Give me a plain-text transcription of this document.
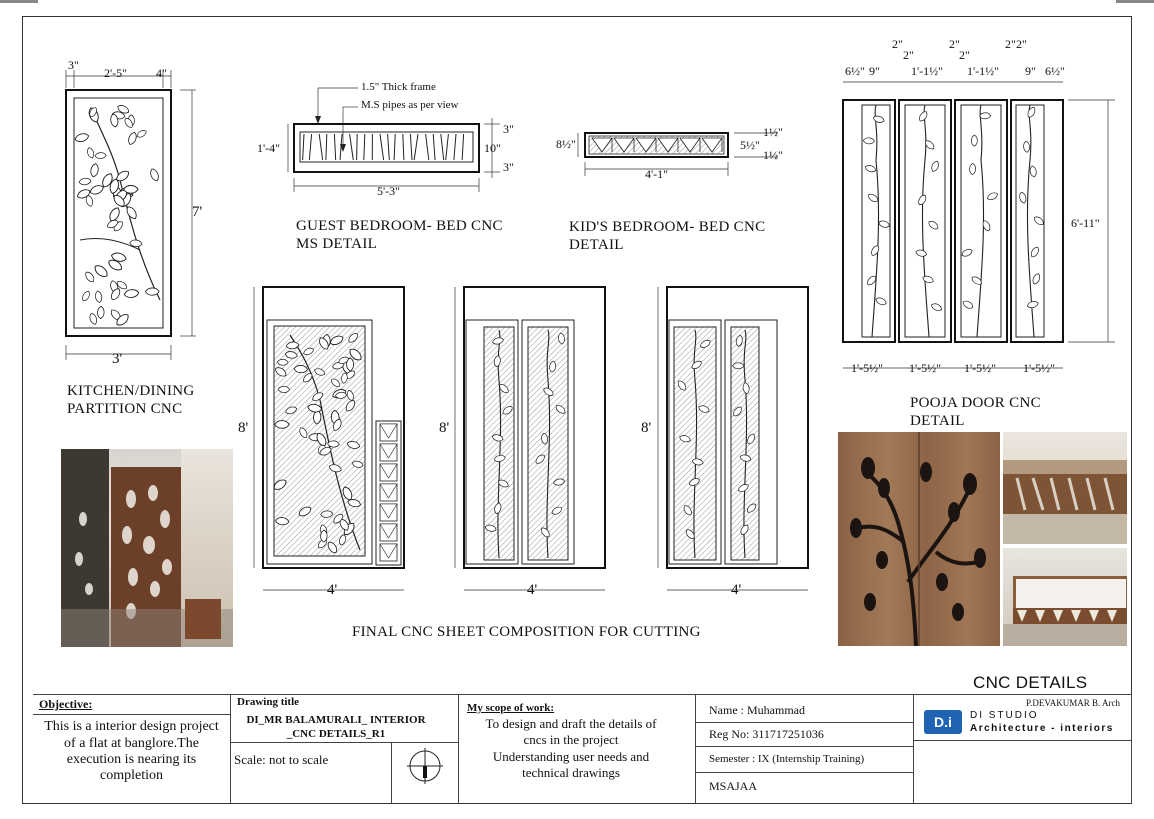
3"
2'-5" 4"
7'
3'
KITCHEN/DINING
PARTITION CNC
1.5" Thick frame
M.S pipes as per view
1'-4"
3"
10"
3"
5'-3"
GUEST BEDROOM- BED CNC
MS DETAIL
8½"	5½"
1½"
1½"
4'-1"
KID'S BEDROOM- BED CNC
DETAIL
6½" 9"
2"
2"
1'-1½"
2"
2"
1'-1½"
2" 2"
9" 6½"
6'-11"
1'-5½" 1'-5½" 1'-5½" 1'-5½"
POOJA DOOR CNC
DETAIL
8'
4'
8'
4'
8'
4'
FINAL CNC SHEET COMPOSITION FOR CUTTING
CNC DETAILS
Objective:
This is a interior design project
of a flat at banglore.The
execution is nearing its
completion
Drawing title
DI_MR BALAMURALI_ INTERIOR
_CNC DETAILS_R1
Scale: not to scale
My scope of work:
To design and draft the details of
cncs in the project
Understanding user needs and
technical drawings
Name : Muhammad
Reg No: 311717251036
Semester : IX (Internship Training)
MSAJAA
P.DEVAKUMAR B. Arch
D.i	DI STUDIO
Architecture - interiors
